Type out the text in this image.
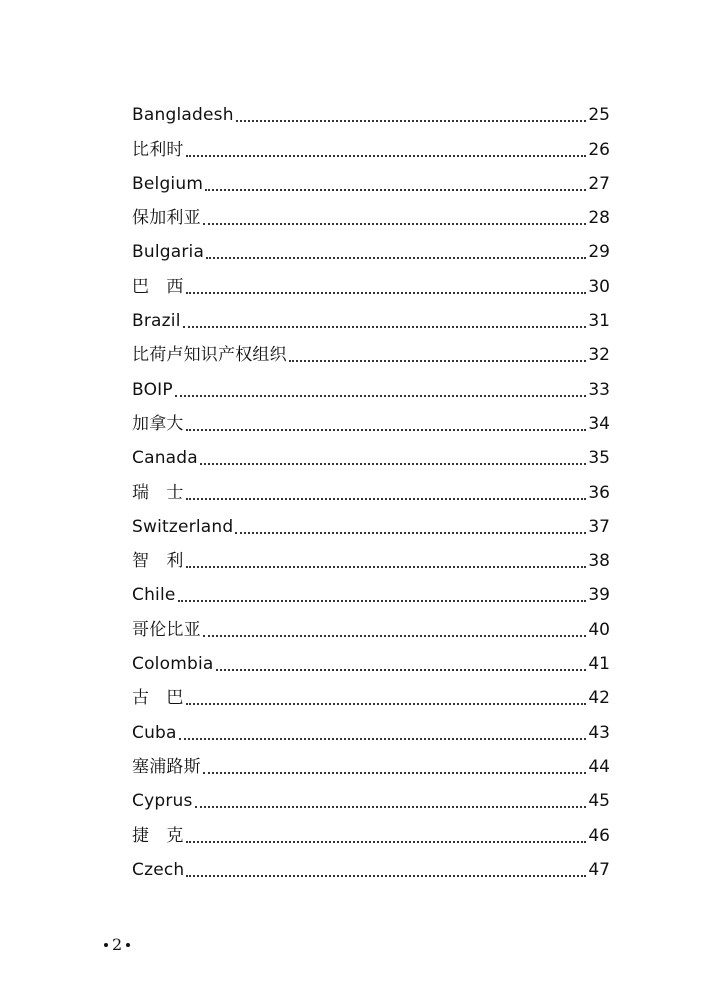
Bangladesh	25
比利时	26
Belgium	27
保加利亚	28
Bulgaria	29
巴　西	30
Brazil	31
比荷卢知识产权组织	32
BOIP	33
加拿大	34
Canada	35
瑞　士	36
Switzerland	37
智　利	38
Chile	39
哥伦比亚	40
Colombia	41
古　巴	42
Cuba	43
塞浦路斯	44
Cyprus	45
捷　克	46
Czech	47
2
